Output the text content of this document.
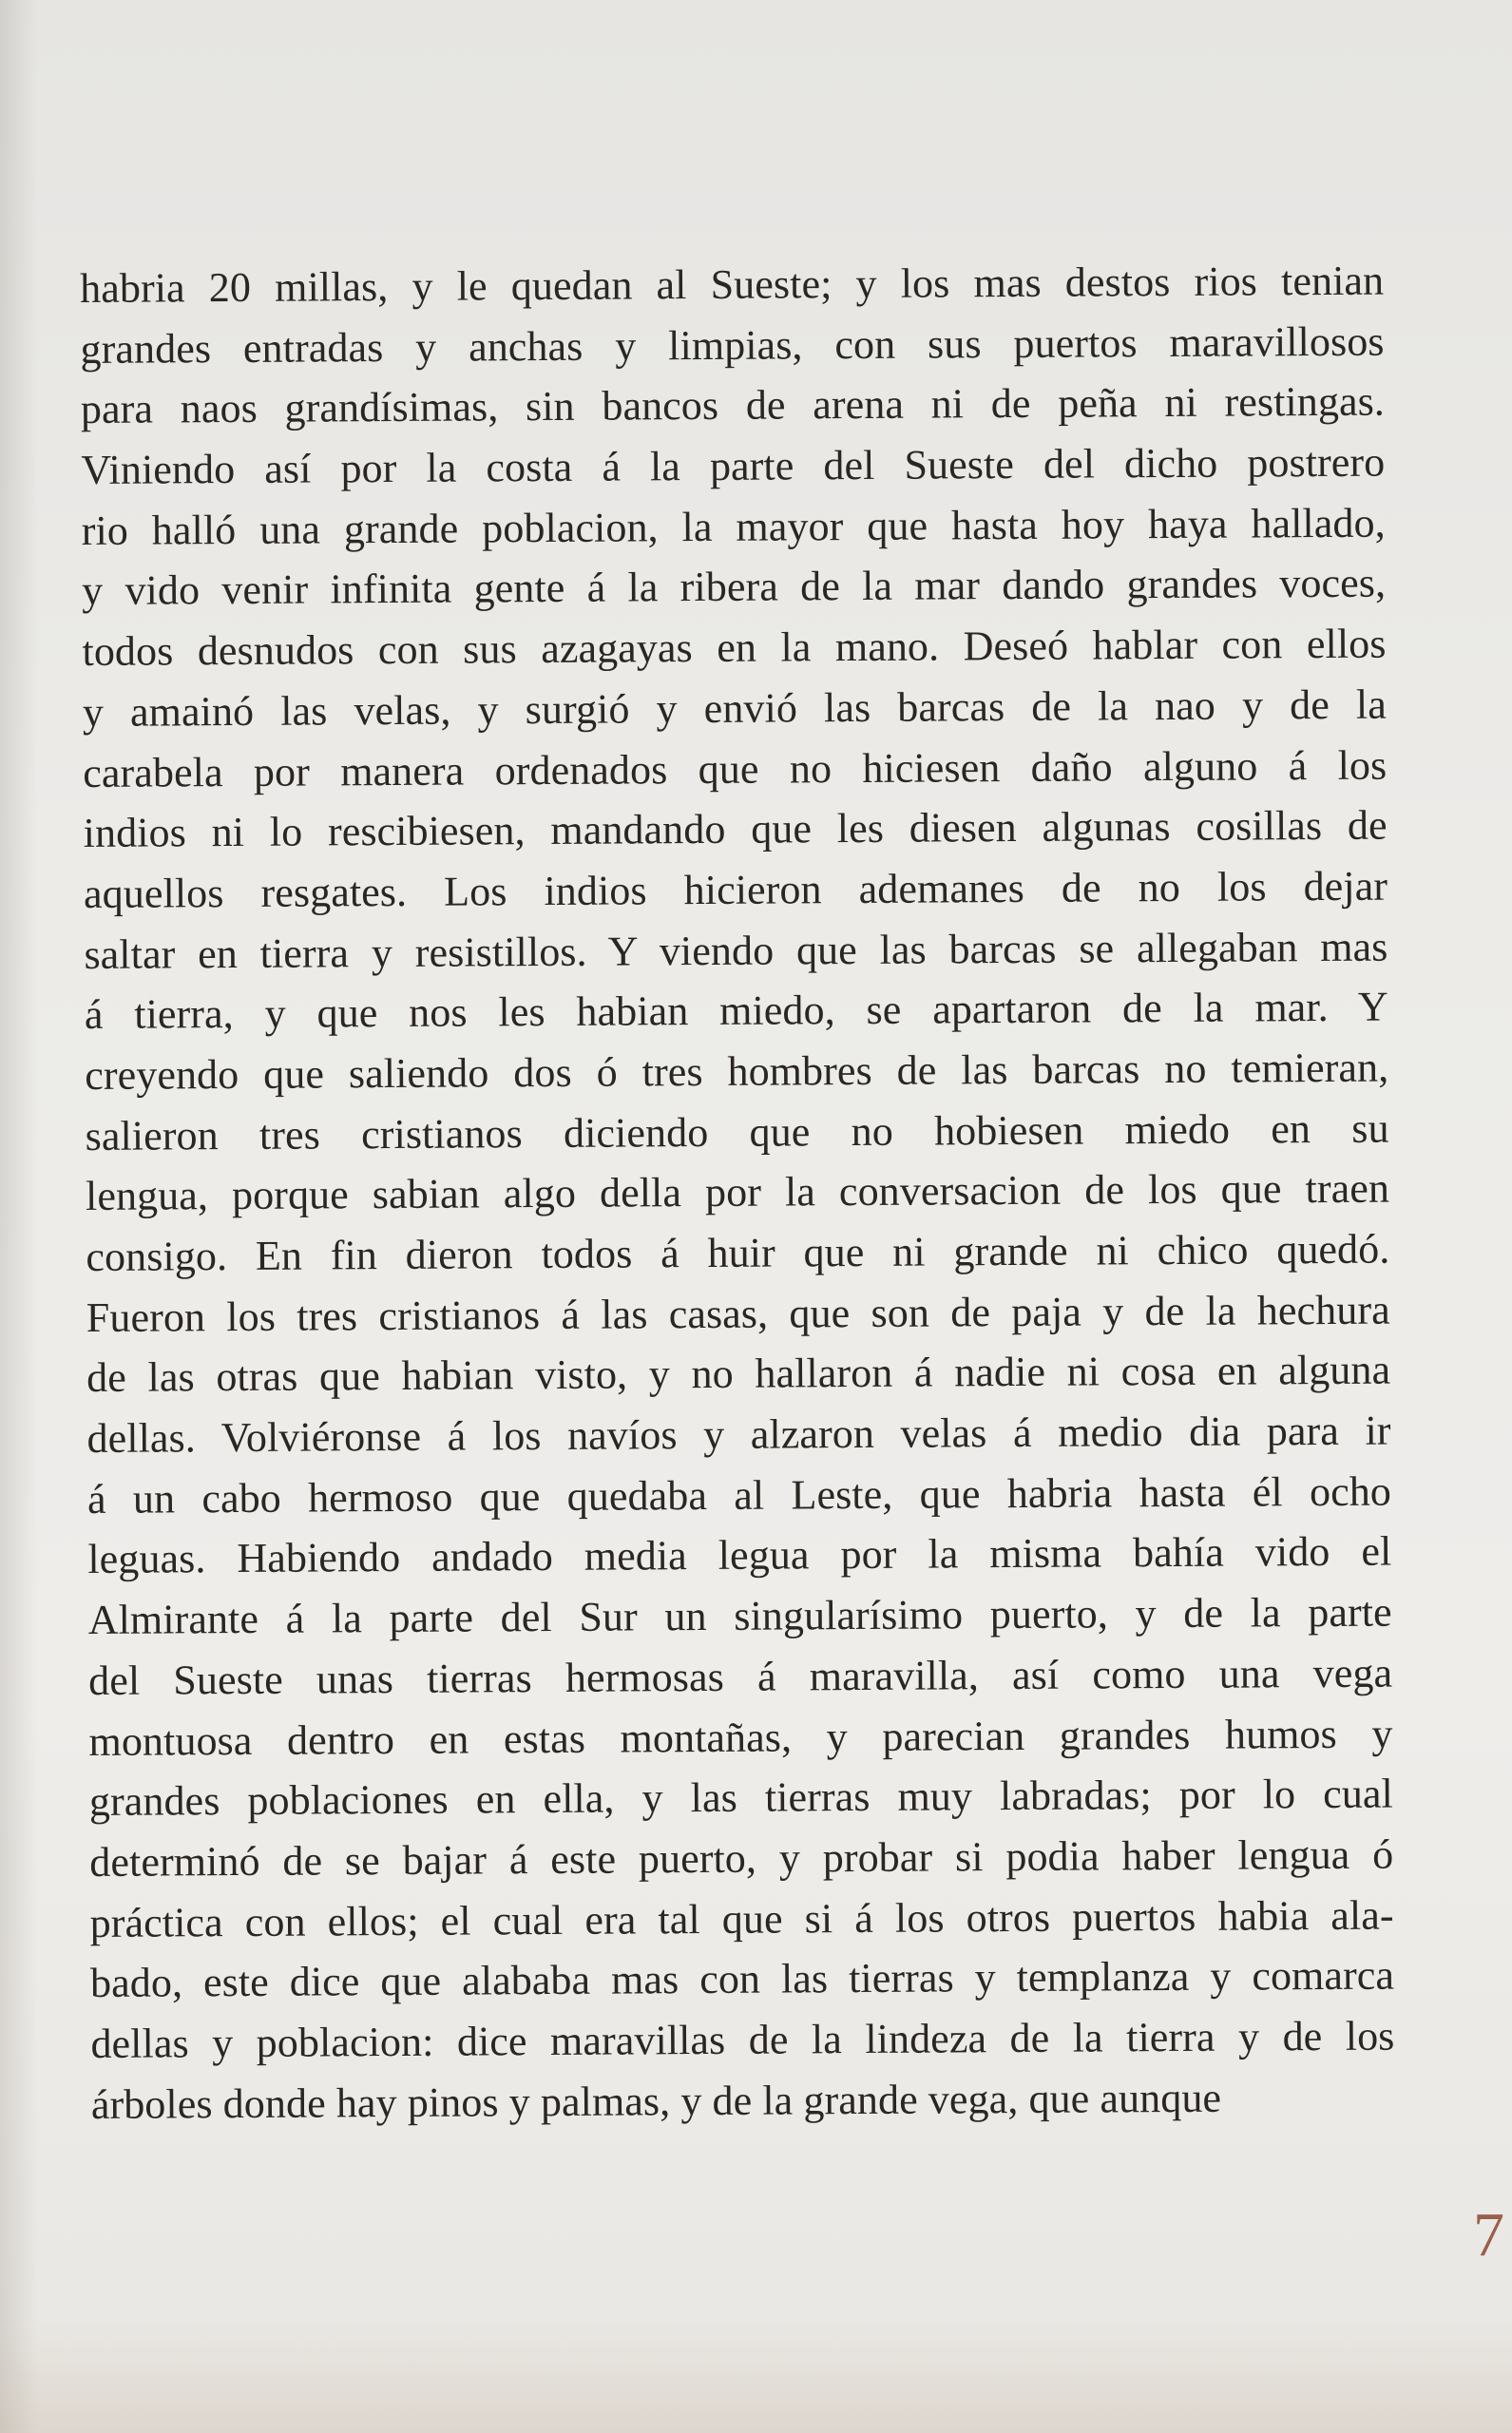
habria 20 millas, y le quedan al Sueste; y los mas destos rios tenian
grandes entradas y anchas y limpias, con sus puertos maravillosos
para naos grandísimas, sin bancos de arena ni de peña ni restingas.
Viniendo así por la costa á la parte del Sueste del dicho postrero
rio halló una grande poblacion, la mayor que hasta hoy haya hallado,
y vido venir infinita gente á la ribera de la mar dando grandes voces,
todos desnudos con sus azagayas en la mano. Deseó hablar con ellos
y amainó las velas, y surgió y envió las barcas de la nao y de la
carabela por manera ordenados que no hiciesen daño alguno á los
indios ni lo rescibiesen, mandando que les diesen algunas cosillas de
aquellos resgates. Los indios hicieron ademanes de no los dejar
saltar en tierra y resistillos. Y viendo que las barcas se allegaban mas
á tierra, y que nos les habian miedo, se apartaron de la mar. Y
creyendo que saliendo dos ó tres hombres de las barcas no temieran,
salieron tres cristianos diciendo que no hobiesen miedo en su
lengua, porque sabian algo della por la conversacion de los que traen
consigo. En fin dieron todos á huir que ni grande ni chico quedó.
Fueron los tres cristianos á las casas, que son de paja y de la hechura
de las otras que habian visto, y no hallaron á nadie ni cosa en alguna
dellas. Volviéronse á los navíos y alzaron velas á medio dia para ir
á un cabo hermoso que quedaba al Leste, que habria hasta él ocho
leguas. Habiendo andado media legua por la misma bahía vido el
Almirante á la parte del Sur un singularísimo puerto, y de la parte
del Sueste unas tierras hermosas á maravilla, así como una vega
montuosa dentro en estas montañas, y parecian grandes humos y
grandes poblaciones en ella, y las tierras muy labradas; por lo cual
determinó de se bajar á este puerto, y probar si podia haber lengua ó
práctica con ellos; el cual era tal que si á los otros puertos habia ala-
bado, este dice que alababa mas con las tierras y templanza y comarca
dellas y poblacion: dice maravillas de la lindeza de la tierra y de los
árboles donde hay pinos y palmas, y de la grande vega, que aunque
7
